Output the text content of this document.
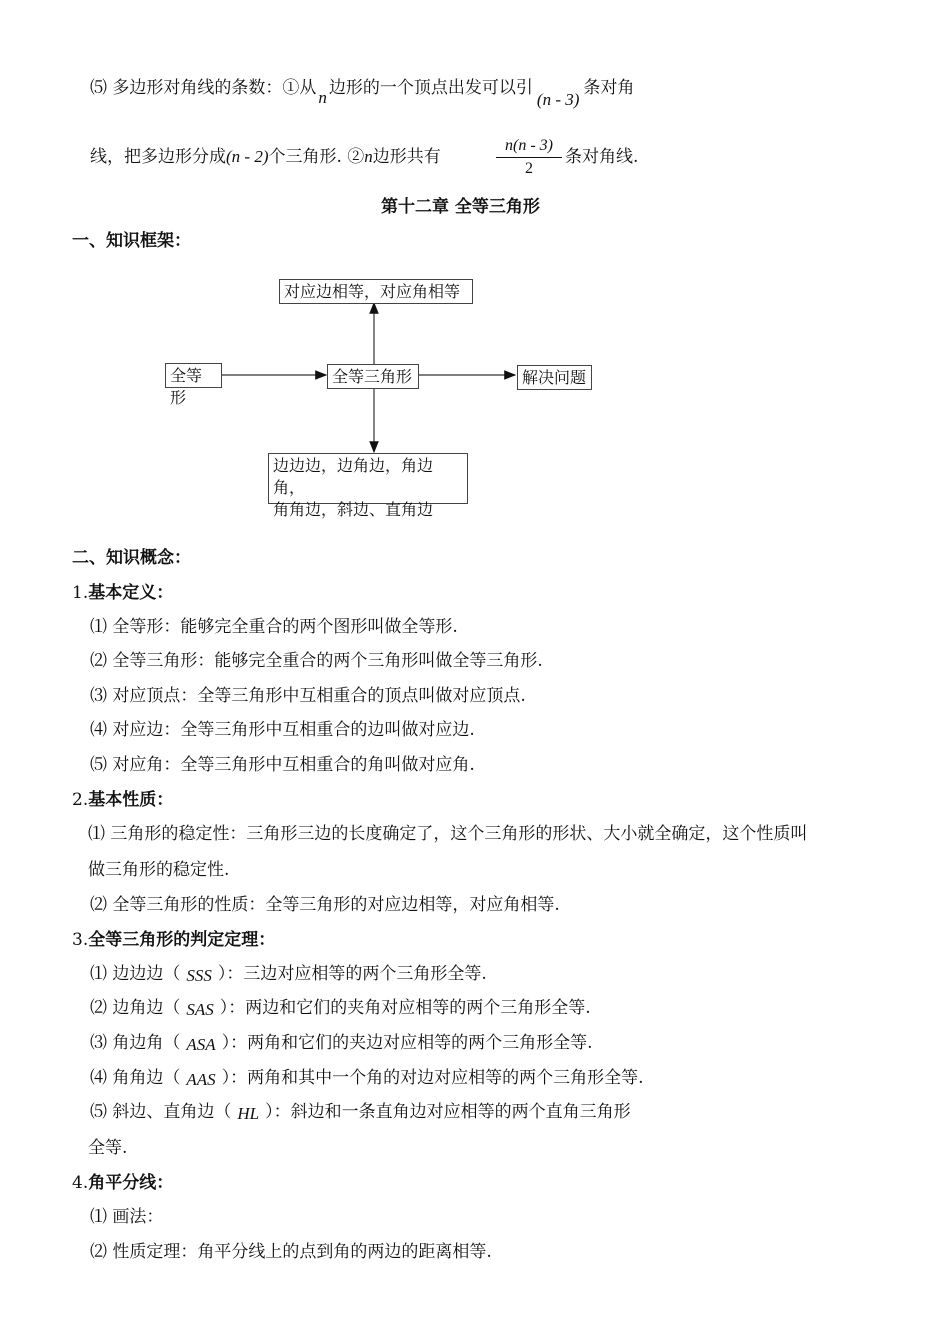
⑸ 多边形对角线的条数：①从 n 边形的一个顶点出发可以引(n - 3)条对角
线，把多边形分成(n - 2)个三角形. ②n边形共有
n(n - 3)
2
条对角线.
第十二章 全等三角形
一、知识框架：
对应边相等，对应角相等
全等形
全等三角形	解决问题
边边边，边角边，角边角，
角角边，斜边、直角边
二、知识概念：
1.基本定义：
⑴ 全等形：能够完全重合的两个图形叫做全等形.
⑵ 全等三角形：能够完全重合的两个三角形叫做全等三角形.
⑶ 对应顶点：全等三角形中互相重合的顶点叫做对应顶点.
⑷ 对应边：全等三角形中互相重合的边叫做对应边.
⑸ 对应角：全等三角形中互相重合的角叫做对应角.
2.基本性质：
⑴ 三角形的稳定性：三角形三边的长度确定了，这个三角形的形状、大小就全确定，这个性质叫
做三角形的稳定性.
⑵ 全等三角形的性质：全等三角形的对应边相等，对应角相等.
3.全等三角形的判定定理：
⑴ 边边边（ SSS ）：三边对应相等的两个三角形全等.
⑵ 边角边（ SAS ）：两边和它们的夹角对应相等的两个三角形全等.
⑶ 角边角（ ASA ）：两角和它们的夹边对应相等的两个三角形全等.
⑷ 角角边（ AAS ）：两角和其中一个角的对边对应相等的两个三角形全等.
⑸ 斜边、直角边（ HL ）：斜边和一条直角边对应相等的两个直角三角形
全等.
4.角平分线：
⑴ 画法：
⑵ 性质定理：角平分线上的点到角的两边的距离相等.
